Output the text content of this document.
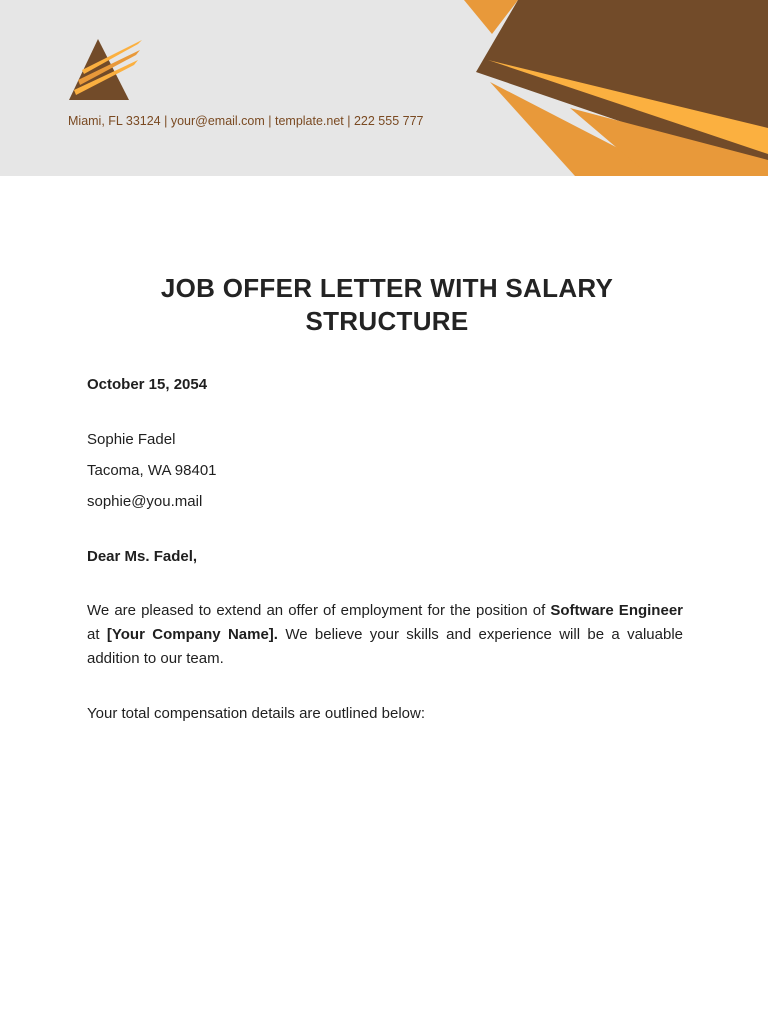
Miami, FL 33124 | your@email.com | template.net | 222 555 777
JOB OFFER LETTER WITH SALARY STRUCTURE
October 15, 2054
Sophie Fadel
Tacoma, WA 98401
sophie@you.mail
Dear Ms. Fadel,
We are pleased to extend an offer of employment for the position of Software Engineer at [Your Company Name]. We believe your skills and experience will be a valuable addition to our team.
Your total compensation details are outlined below:
